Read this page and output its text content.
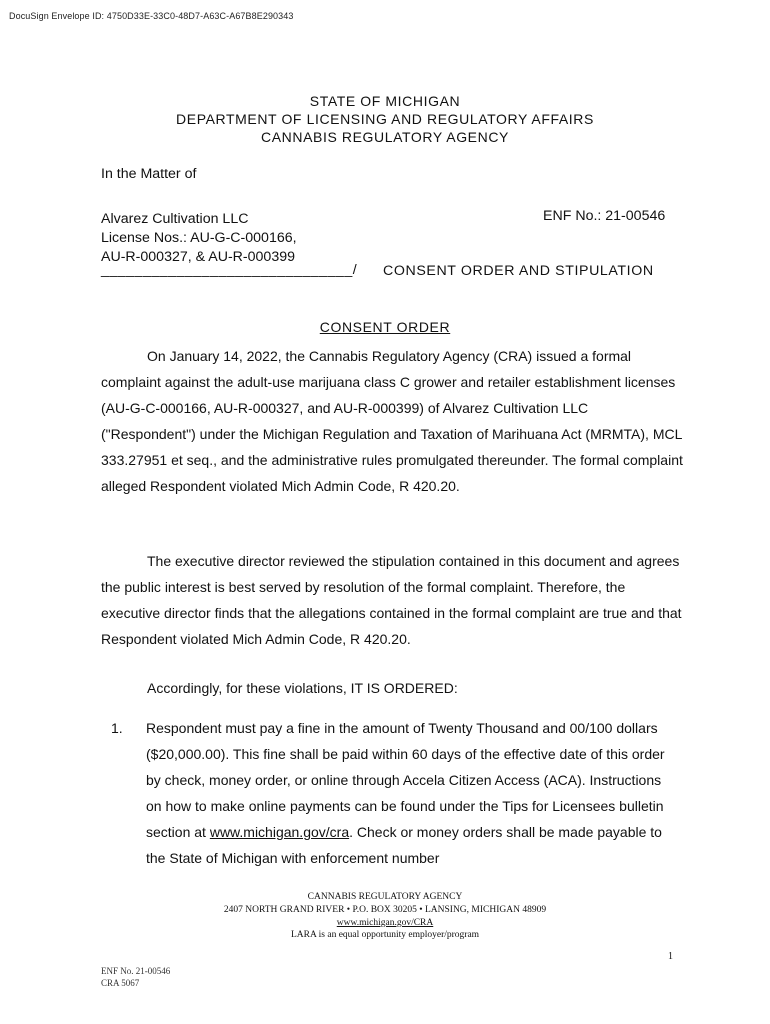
DocuSign Envelope ID: 4750D33E-33C0-48D7-A63C-A67B8E290343
STATE OF MICHIGAN
DEPARTMENT OF LICENSING AND REGULATORY AFFAIRS
CANNABIS REGULATORY AGENCY
In the Matter of
Alvarez Cultivation LLC
License Nos.: AU-G-C-000166,
AU-R-000327, & AU-R-000399
______________________________/
ENF No.: 21-00546
CONSENT ORDER AND STIPULATION
CONSENT ORDER
On January 14, 2022, the Cannabis Regulatory Agency (CRA) issued a formal complaint against the adult-use marijuana class C grower and retailer establishment licenses (AU-G-C-000166, AU-R-000327, and AU-R-000399) of Alvarez Cultivation LLC ("Respondent") under the Michigan Regulation and Taxation of Marihuana Act (MRMTA), MCL 333.27951 et seq., and the administrative rules promulgated thereunder. The formal complaint alleged Respondent violated Mich Admin Code, R 420.20.
The executive director reviewed the stipulation contained in this document and agrees the public interest is best served by resolution of the formal complaint. Therefore, the executive director finds that the allegations contained in the formal complaint are true and that Respondent violated Mich Admin Code, R 420.20.
Accordingly, for these violations, IT IS ORDERED:
1. Respondent must pay a fine in the amount of Twenty Thousand and 00/100 dollars ($20,000.00). This fine shall be paid within 60 days of the effective date of this order by check, money order, or online through Accela Citizen Access (ACA). Instructions on how to make online payments can be found under the Tips for Licensees bulletin section at www.michigan.gov/cra. Check or money orders shall be made payable to the State of Michigan with enforcement number
CANNABIS REGULATORY AGENCY
2407 NORTH GRAND RIVER • P.O. BOX 30205 • LANSING, MICHIGAN 48909
www.michigan.gov/CRA
LARA is an equal opportunity employer/program
1
ENF No. 21-00546
CRA 5067
